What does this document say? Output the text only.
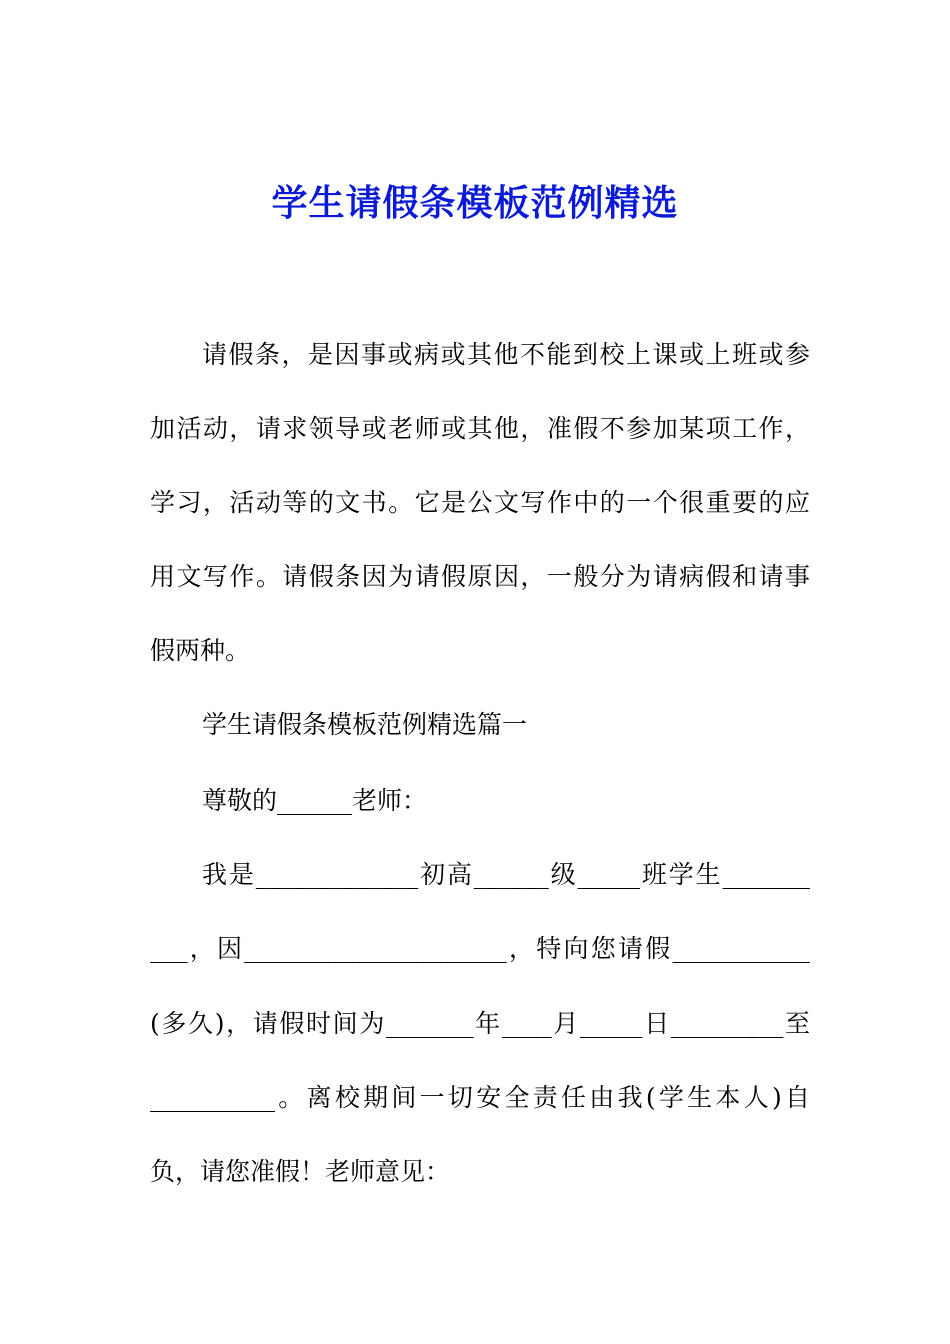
学生请假条模板范例精选
请假条，是因事或病或其他不能到校上课或上班或参
加活动，请求领导或老师或其他，准假不参加某项工作，
学习，活动等的文书。它是公文写作中的一个很重要的应
用文写作。请假条因为请假原因，一般分为请病假和请事
假两种。
学生请假条模板范例精选篇一
尊敬的______老师：
我是_____________初高______级_____班学生_______
___，因_____________________，特向您请假___________
(多久)，请假时间为_______年____月_____日_________至
__________。离校期间一切安全责任由我(学生本人)自
负，请您准假！老师意见：
